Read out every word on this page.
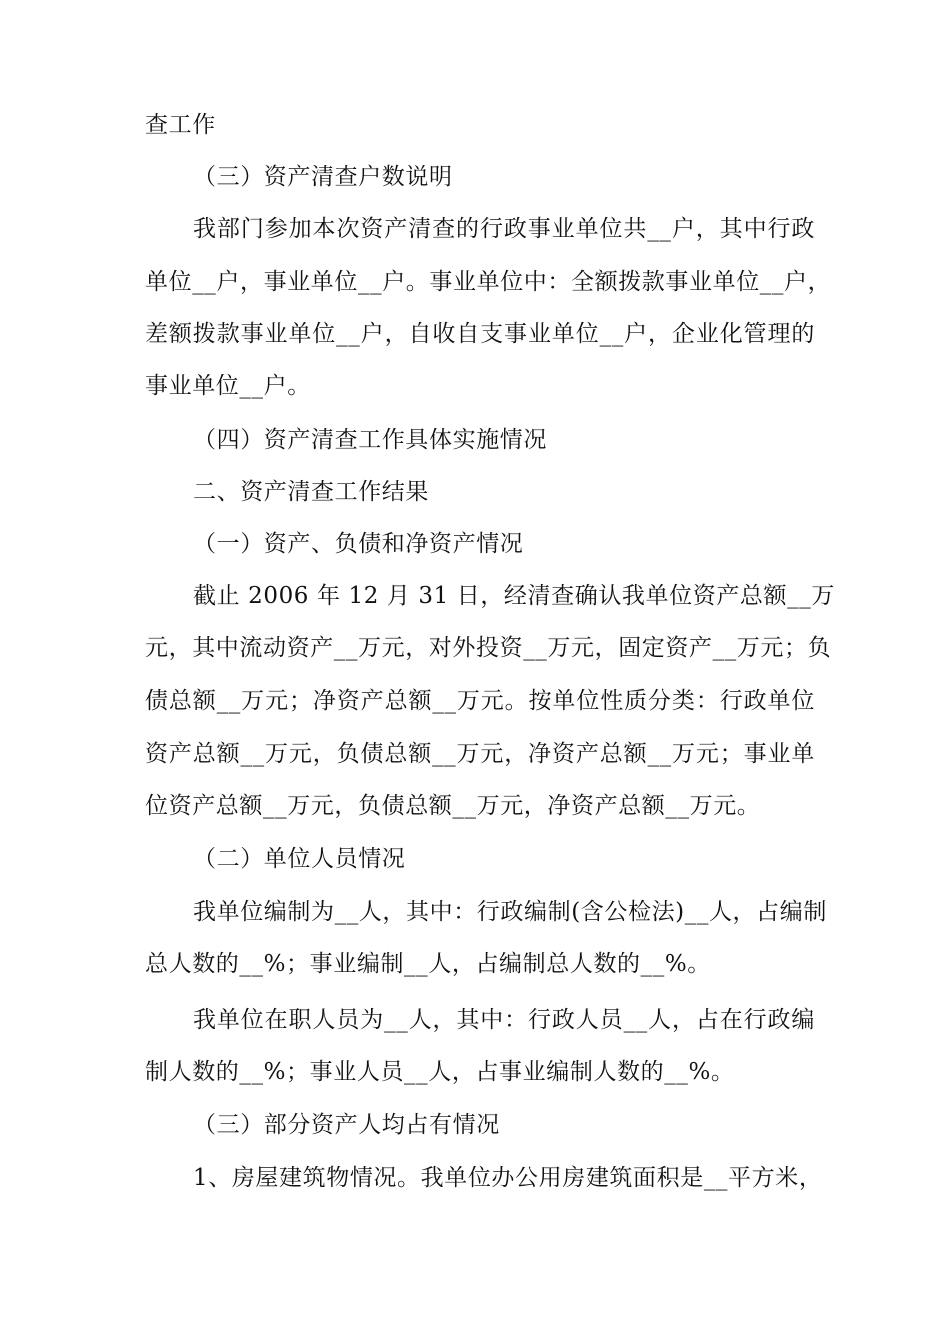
查工作
（三）资产清查户数说明
我部门参加本次资产清查的行政事业单位共__户，其中行政
单位__户，事业单位__户。事业单位中：全额拨款事业单位__户，
差额拨款事业单位__户，自收自支事业单位__户，企业化管理的
事业单位__户。
（四）资产清查工作具体实施情况
二、资产清查工作结果
（一）资产、负债和净资产情况
截止 2006 年 12 月 31 日，经清查确认我单位资产总额__万
元，其中流动资产__万元，对外投资__万元，固定资产__万元；负
债总额__万元；净资产总额__万元。按单位性质分类：行政单位
资产总额__万元，负债总额__万元，净资产总额__万元；事业单
位资产总额__万元，负债总额__万元，净资产总额__万元。
（二）单位人员情况
我单位编制为__人，其中：行政编制(含公检法)__人，占编制
总人数的__%；事业编制__人，占编制总人数的__%。
我单位在职人员为__人，其中：行政人员__人，占在行政编
制人数的__%；事业人员__人，占事业编制人数的__%。
（三）部分资产人均占有情况
1、房屋建筑物情况。我单位办公用房建筑面积是__平方米，
